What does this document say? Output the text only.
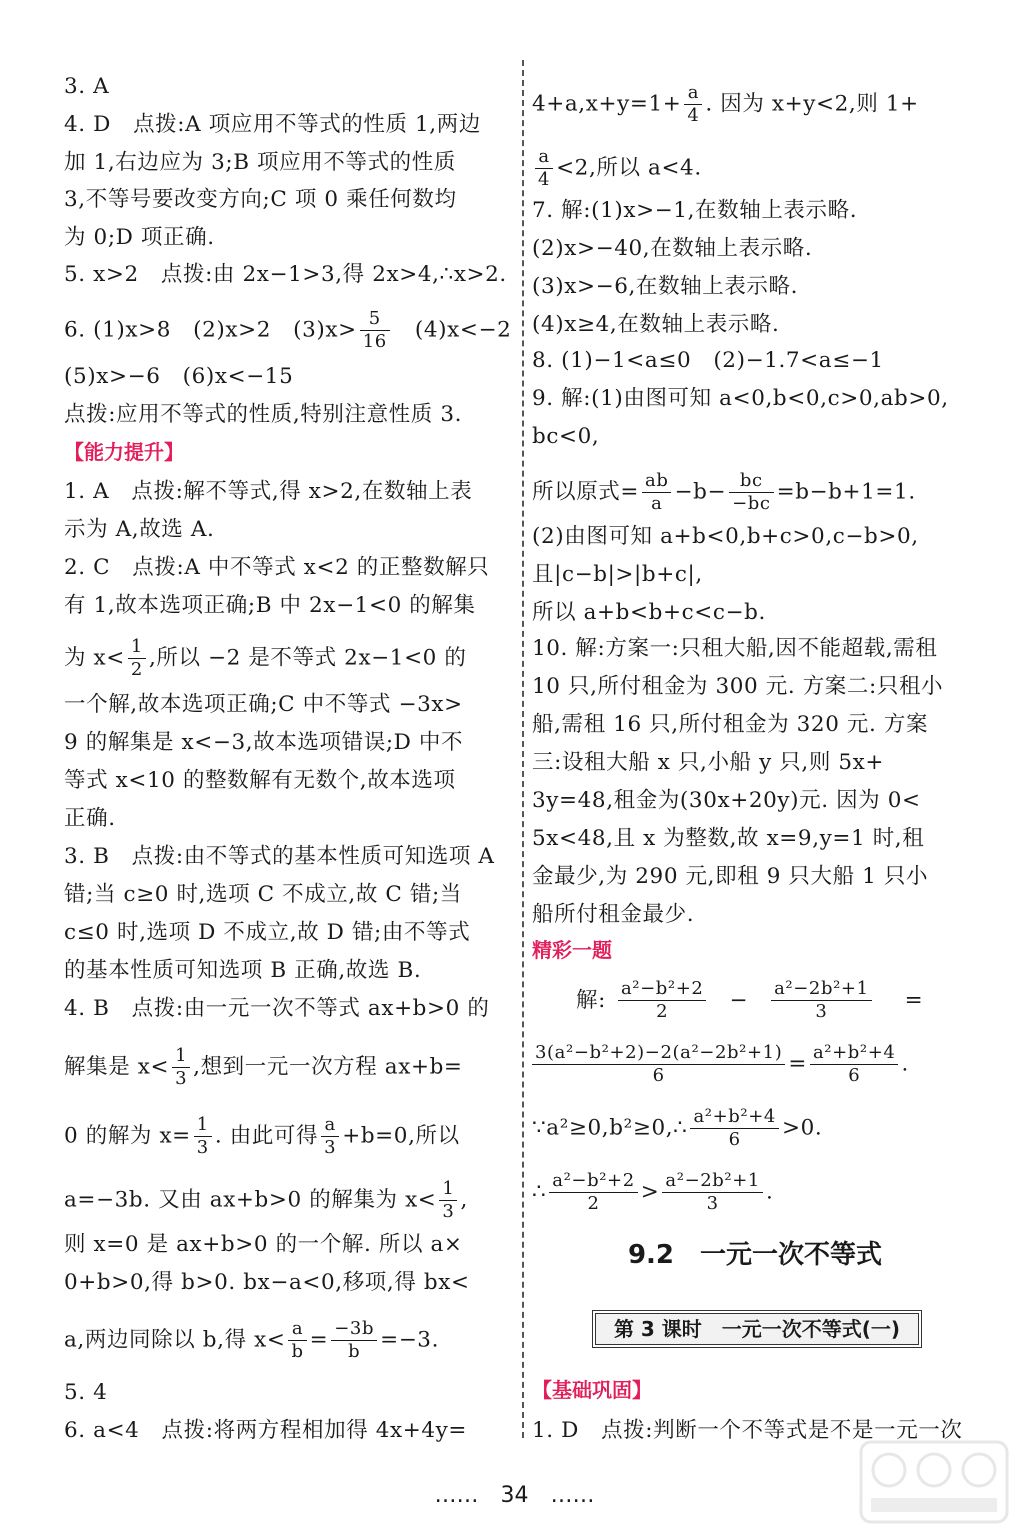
3. A
4. D　点拨:A 项应用不等式的性质 1,两边
加 1,右边应为 3;B 项应用不等式的性质
3,不等号要改变方向;C 项 0 乘任何数均
为 0;D 项正确.
5. x>2　点拨:由 2x−1>3,得 2x>4,∴x>2.
6. (1)x>8　(2)x>2　$(3)x> \frac{5}{16}$ 　(4)x<−2
(5)x>−6　(6)x<−15
点拨:应用不等式的性质,特别注意性质 3.
【能力提升】
1. A　点拨:解不等式,得 x>2,在数轴上表
示为 A,故选 A.
2. C　点拨:A 中不等式 x<2 的正整数解只
有 1,故本选项正确;B 中 2x−1<0 的解集
为 $x< \frac{1}{2}$ ,所以 −2 是不等式 2x−1<0 的
一个解,故本选项正确;C 中不等式 −3x>
9 的解集是 x<−3,故本选项错误;D 中不
等式 x<10 的整数解有无数个,故本选项
正确.
3. B　点拨:由不等式的基本性质可知选项 A
错;当 c≥0 时,选项 C 不成立,故 C 错;当
c≤0 时,选项 D 不成立,故 D 错;由不等式
的基本性质可知选项 B 正确,故选 B.
4. B　点拨:由一元一次不等式 ax+b>0 的
解集是 $x< \frac{1}{3}$ ,想到一元一次方程 ax+b=
0 的解为 $x= \frac{1}{3}$ . 由此可得 $\frac{a}{3} +b=0$,所以
a=−3b. 又由 ax+b>0 的解集为 $x< \frac{1}{3}$ ,
则 x=0 是 ax+b>0 的一个解. 所以 a×
0+b>0,得 b>0. bx−a<0,移项,得 bx<
a,两边同除以 b,得 $x< \frac{a}{b} = \frac{-3b}{b} =-3$.
5. 4
6. a<4　点拨:将两方程相加得 4x+4y=
$4+a,x+y=1+ \frac{a}{4}$ . 因为 x+y<2,则 1+
$\frac{a}{4} <2$,所以 a<4.
7. 解:(1)x>−1,在数轴上表示略.
(2)x>−40,在数轴上表示略.
(3)x>−6,在数轴上表示略.
(4)x≥4,在数轴上表示略.
8. (1)−1<a≤0　(2)−1.7<a≤−1
9. 解:(1)由图可知 a<0,b<0,c>0,ab>0,
bc<0,
所以原式= $\frac{ab}{a} -b- \frac{bc}{-bc} =b-b+1=1$.
(2)由图可知 a+b<0,b+c>0,c−b>0,
且|c−b|>|b+c|,
所以 a+b<b+c<c−b.
10. 解:方案一:只租大船,因不能超载,需租
10 只,所付租金为 300 元. 方案二:只租小
船,需租 16 只,所付租金为 320 元. 方案
三:设租大船 x 只,小船 y 只,则 5x+
3y=48,租金为(30x+20y)元. 因为 0<
5x<48,且 x 为整数,故 x=9,y=1 时,租
金最少,为 290 元,即租 9 只大船 1 只小
船所付租金最少.
精彩一题
解: $\frac{\text{a²−b²+2}}{2} - \frac{\text{a²−2b²+1}}{3}$ =
$\frac{\text{3(a²−b²+2)−2(a²−2b²+1)}}{6} = \frac{\text{a²+b²+4}}{6}$ .
∵a²≥0,b²≥0,∴ $\frac{\text{a²+b²+4}}{6} >0$.
∴ $\frac{\text{a²−b²+2}}{2} > \frac{\text{a²−2b²+1}}{3}$ .
9.2　一元一次不等式
第 3 课时　一元一次不等式(一)
【基础巩固】
1. D　点拨:判断一个不等式是不是一元一次
……　34　……
